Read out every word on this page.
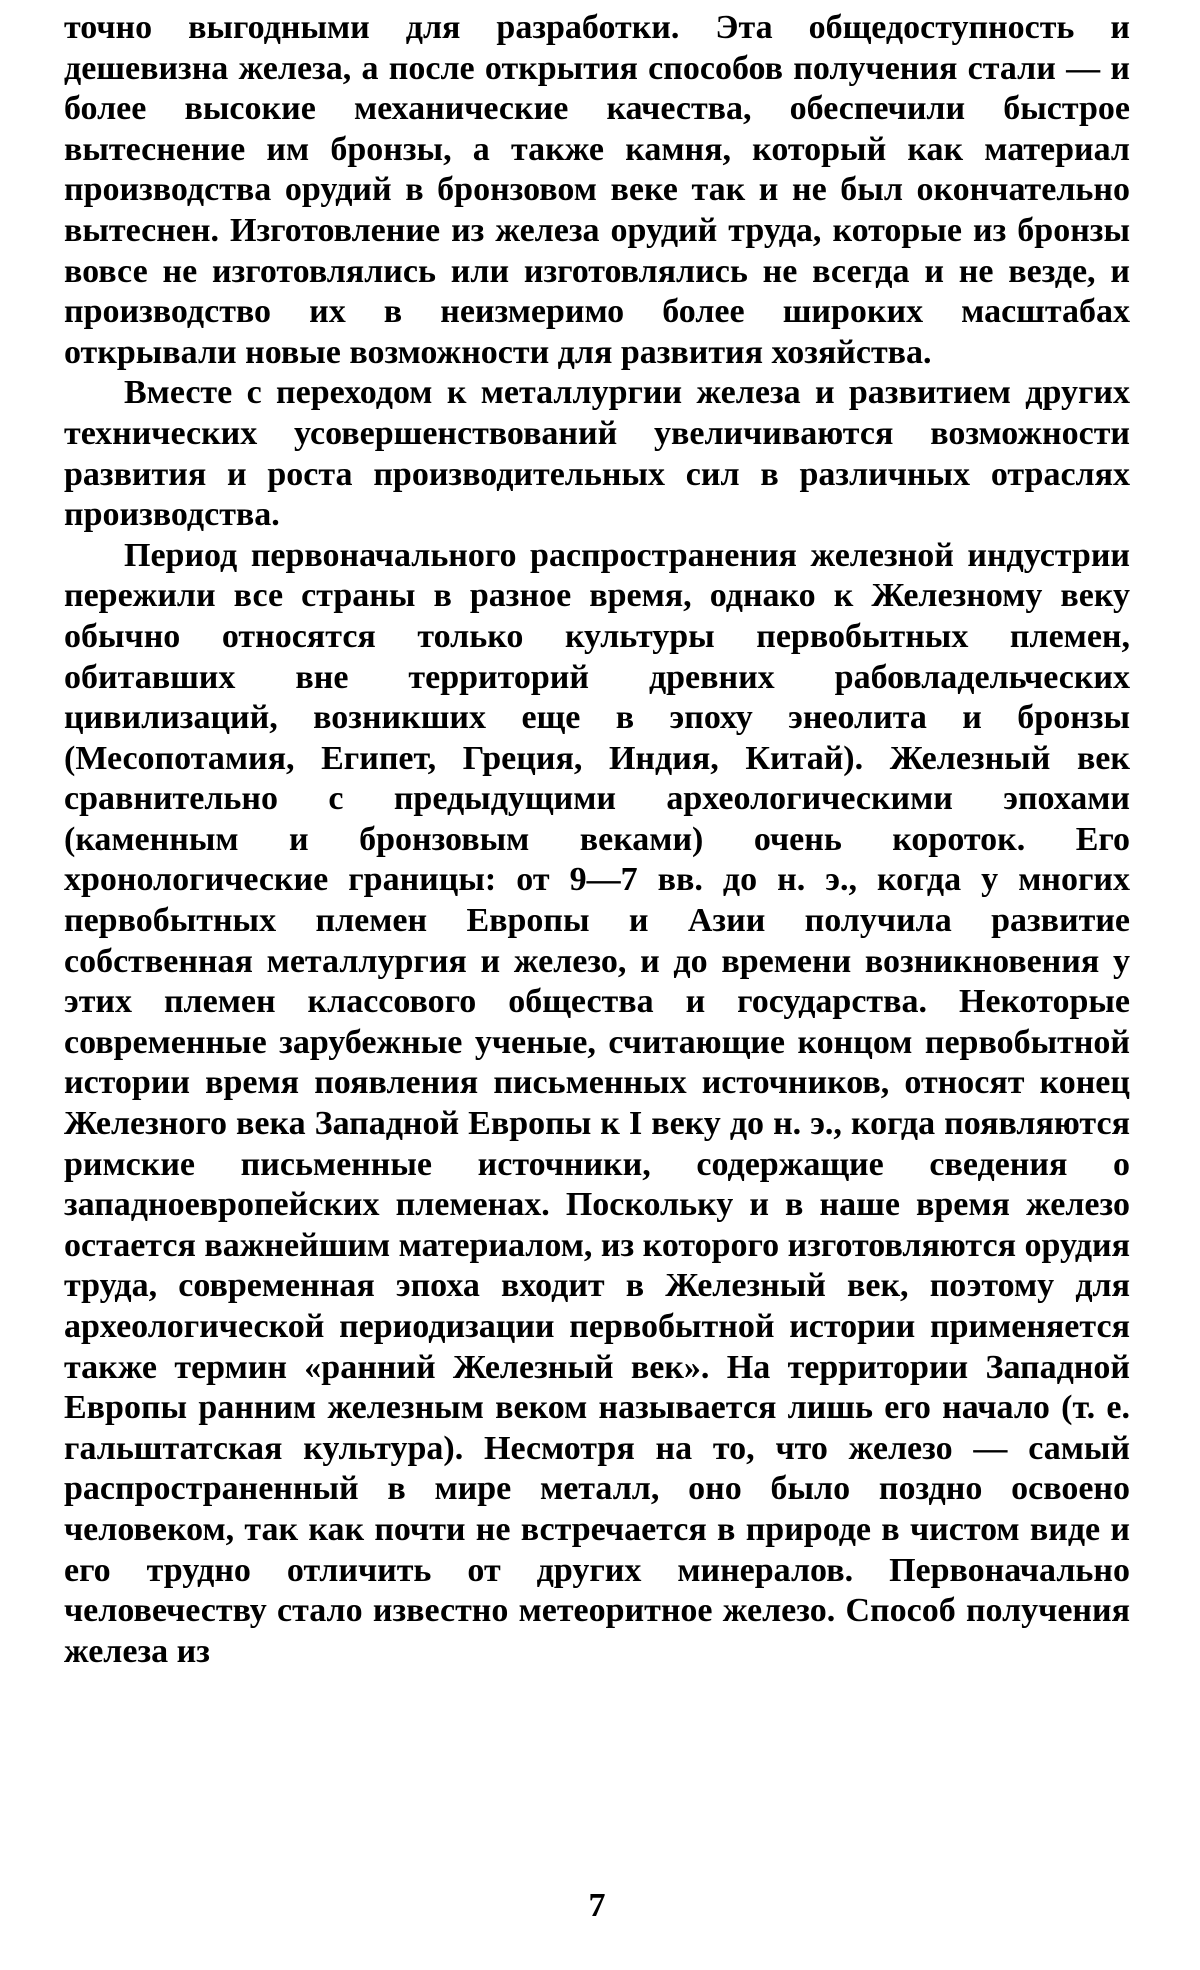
точно выгодными для разработки. Эта общедоступность и дешевизна железа, а после открытия способов получения стали — и более высокие механические качества, обеспечили быстрое вытеснение им бронзы, а также камня, который как материал производства орудий в бронзовом веке так и не был окончательно вытеснен. Изготовление из железа орудий труда, которые из бронзы вовсе не изготовлялись или изготовлялись не всегда и не везде, и производство их в неизмеримо более широких масштабах открывали новые возможности для развития хозяйства.

Вместе с переходом к металлургии железа и развитием других технических усовершенствований увеличиваются возможности развития и роста производительных сил в различных отраслях производства.

Период первоначального распространения железной индустрии пережили все страны в разное время, однако к Железному веку обычно относятся только культуры первобытных племен, обитавших вне территорий древних рабовладельческих цивилизаций, возникших еще в эпоху энеолита и бронзы (Месопотамия, Египет, Греция, Индия, Китай). Железный век сравнительно с предыдущими археологическими эпохами (каменным и бронзовым веками) очень короток. Его хронологические границы: от 9—7 вв. до н. э., когда у многих первобытных племен Европы и Азии получила развитие собственная металлургия и железо, и до времени возникновения у этих племен классового общества и государства. Некоторые современные зарубежные ученые, считающие концом первобытной истории время появления письменных источников, относят конец Железного века Западной Европы к I веку до н. э., когда появляются римские письменные источники, содержащие сведения о западноевропейских племенах. Поскольку и в наше время железо остается важнейшим материалом, из которого изготовляются орудия труда, современная эпоха входит в Железный век, поэтому для археологической периодизации первобытной истории применяется также термин «ранний Железный век». На территории Западной Европы ранним железным веком называется лишь его начало (т. е. гальштатская культура). Несмотря на то, что железо — самый распространенный в мире металл, оно было поздно освоено человеком, так как почти не встречается в природе в чистом виде и его трудно отличить от других минералов. Первоначально человечеству стало известно метеоритное железо. Способ получения железа из

7
